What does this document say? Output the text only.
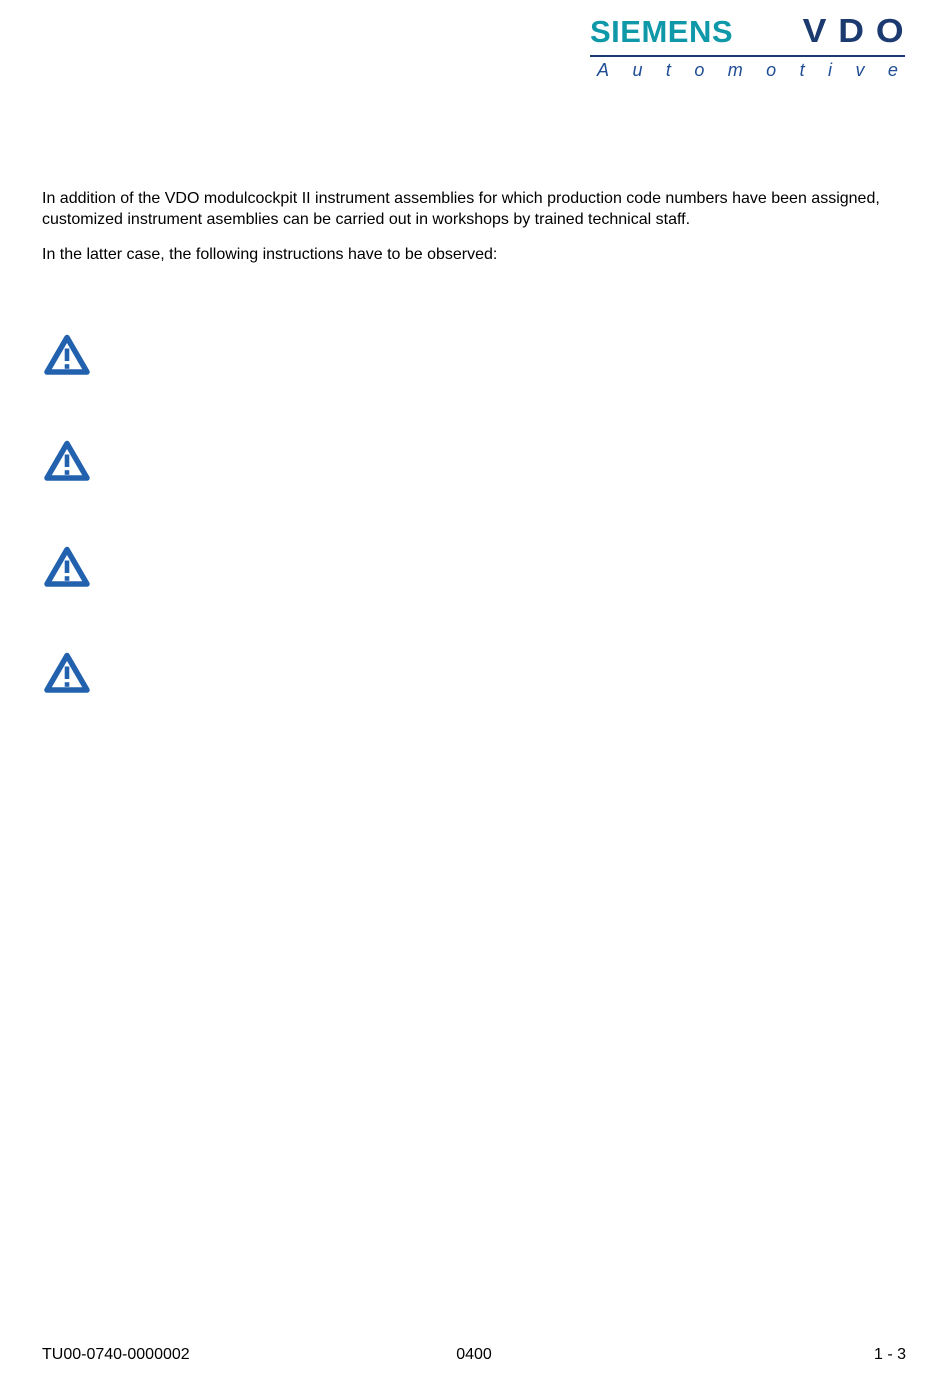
SIEMENS VDO
A u t o m o t i v e

In addition of the VDO modulcockpit II instrument assemblies for which production code numbers have been assigned, customized instrument asemblies can be carried out in workshops by trained technical staff.

In the latter case, the following instructions have to be observed:

TU00-0740-0000002	0400	1 - 3
